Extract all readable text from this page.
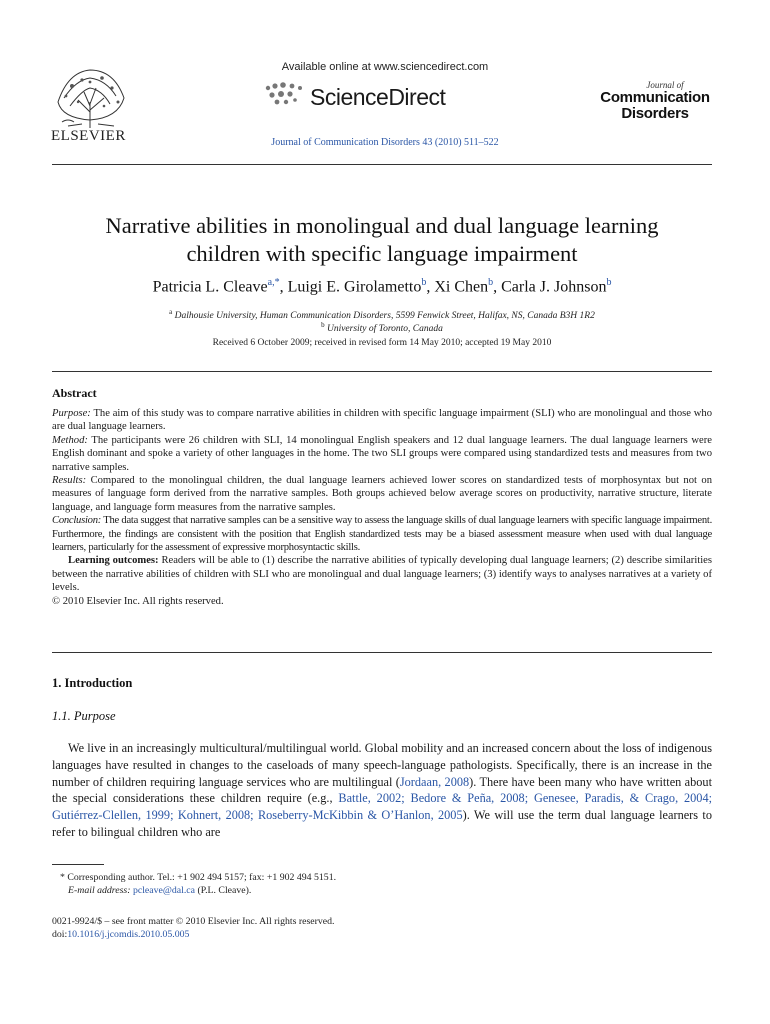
ELSEVIER
Available online at www.sciencedirect.com
ScienceDirect
Journal of Communication Disorders 43 (2010) 511–522
Journal of
Communication
Disorders
Narrative abilities in monolingual and dual language learning
children with specific language impairment
Patricia L. Cleave$^{a,*}$, Luigi E. Girolametto$^b$, Xi Chen$^b$, Carla J. Johnson$^b$
$^a$ Dalhousie University, Human Communication Disorders, 5599 Fenwick Street, Halifax, NS, Canada B3H 1R2
$^b$ University of Toronto, Canada
Received 6 October 2009; received in revised form 14 May 2010; accepted 19 May 2010
Abstract

Purpose: The aim of this study was to compare narrative abilities in children with specific language impairment (SLI) who are monolingual and those who are dual language learners.

Method: The participants were 26 children with SLI, 14 monolingual English speakers and 12 dual language learners. The dual language learners were English dominant and spoke a variety of other languages in the home. The two SLI groups were compared using standardized tests and measures from two narrative samples.

Results: Compared to the monolingual children, the dual language learners achieved lower scores on standardized tests of morphosyntax but not on measures of language form derived from the narrative samples. Both groups achieved below average scores on productivity, narrative structure, literate language, and language form measures from the narrative samples.

Conclusion: The data suggest that narrative samples can be a sensitive way to assess the language skills of dual language learners with specific language impairment. Furthermore, the findings are consistent with the position that English standardized tests may be a biased assessment measure when used with dual language learners, particularly for the assessment of expressive morphosyntactic skills.

Learning outcomes: Readers will be able to (1) describe the narrative abilities of typically developing dual language learners; (2) describe similarities between the narrative abilities of children with SLI who are monolingual and dual language learners; (3) identify ways to analyses narratives at a variety of levels.

© 2010 Elsevier Inc. All rights reserved.

1. Introduction
1.1. Purpose

We live in an increasingly multicultural/multilingual world. Global mobility and an increased concern about the loss of indigenous languages have resulted in changes to the caseloads of many speech-language pathologists. Specifically, there is an increase in the number of children requiring language services who are multilingual (Jordaan, 2008). There have been many who have written about the special considerations these children require (e.g., Battle, 2002; Bedore & Peña, 2008; Genesee, Paradis, & Crago, 2004; Gutiérrez-Clellen, 1999; Kohnert, 2008; Roseberry-McKibbin & O’Hanlon, 2005). We will use the term dual language learners to refer to bilingual children who are

* Corresponding author. Tel.: +1 902 494 5157; fax: +1 902 494 5151.
E-mail address: pcleave@dal.ca (P.L. Cleave).
0021-9924/$ – see front matter © 2010 Elsevier Inc. All rights reserved.
doi:10.1016/j.jcomdis.2010.05.005
